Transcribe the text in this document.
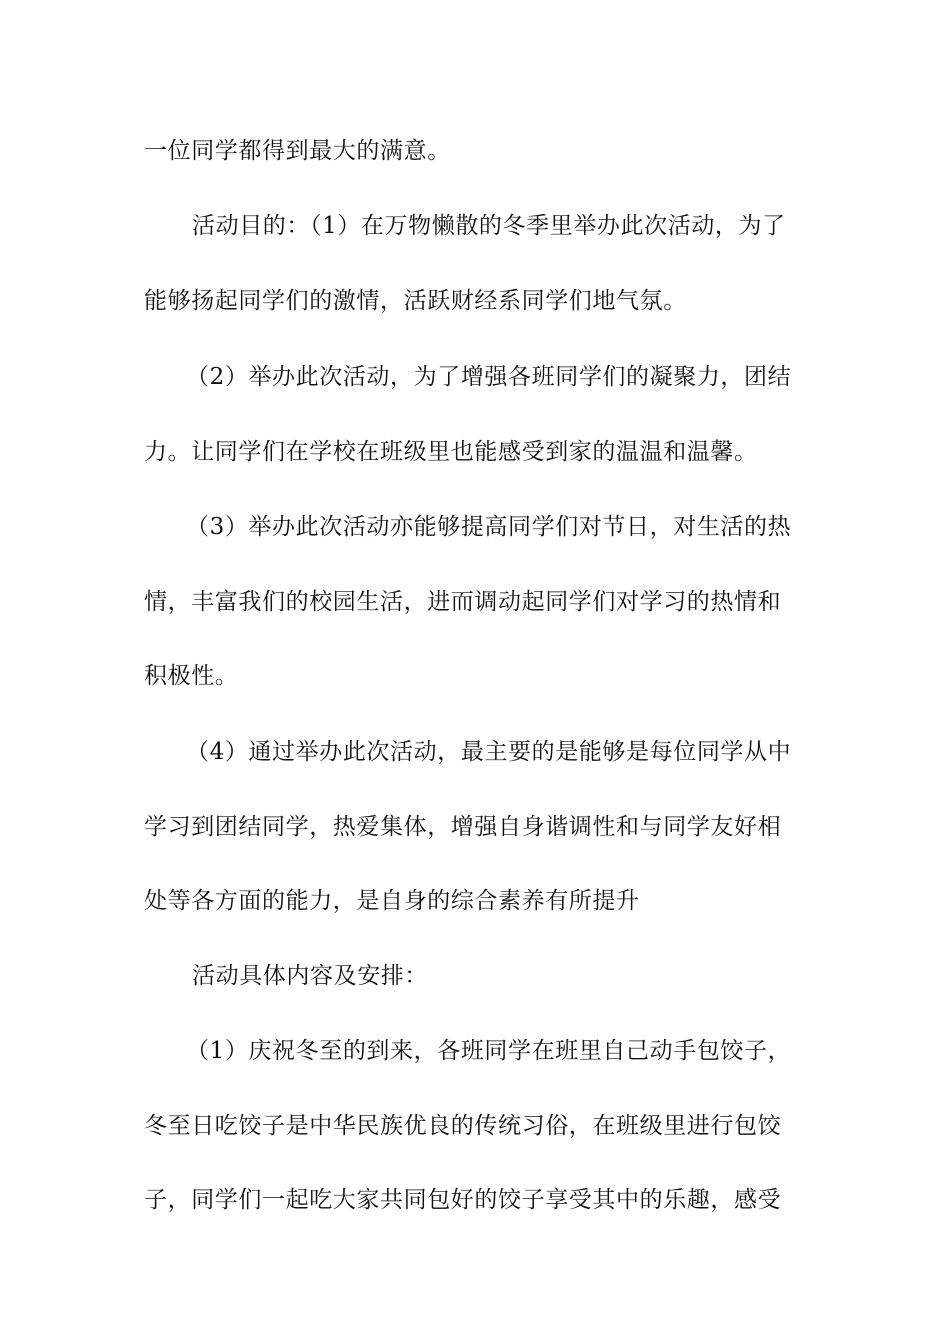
一位同学都得到最大的满意。
活动目的：（1）在万物懒散的冬季里举办此次活动，为了
能够扬起同学们的激情，活跃财经系同学们地气氛。
（2）举办此次活动，为了增强各班同学们的凝聚力，团结
力。让同学们在学校在班级里也能感受到家的温温和温馨。
（3）举办此次活动亦能够提高同学们对节日，对生活的热
情，丰富我们的校园生活，进而调动起同学们对学习的热情和
积极性。
（4）通过举办此次活动，最主要的是能够是每位同学从中
学习到团结同学，热爱集体，增强自身谐调性和与同学友好相
处等各方面的能力，是自身的综合素养有所提升
活动具体内容及安排：
（1）庆祝冬至的到来，各班同学在班里自己动手包饺子，
冬至日吃饺子是中华民族优良的传统习俗，在班级里进行包饺
子，同学们一起吃大家共同包好的饺子享受其中的乐趣，感受
